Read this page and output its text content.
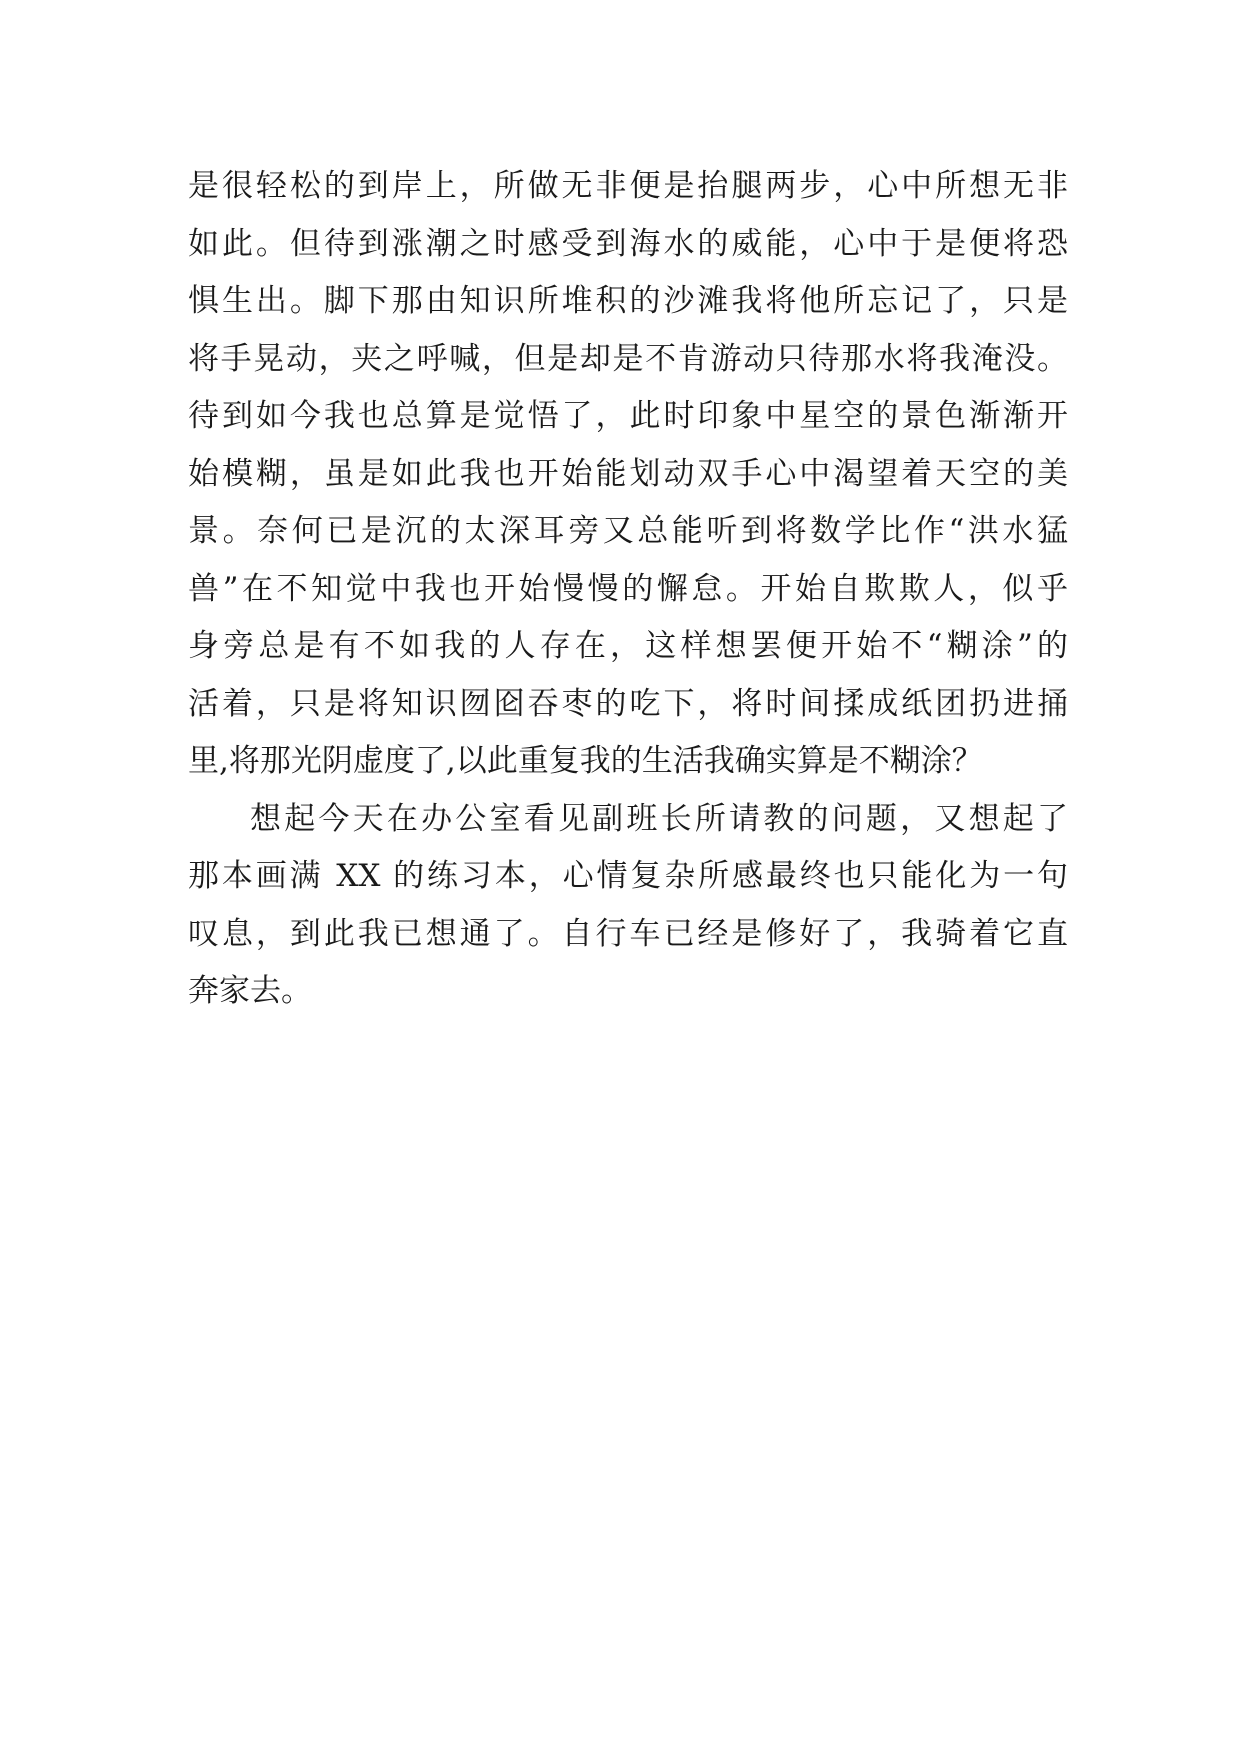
是很轻松的到岸上，所做无非便是抬腿两步，心中所想无非
如此。但待到涨潮之时感受到海水的威能，心中于是便将恐
惧生出。脚下那由知识所堆积的沙滩我将他所忘记了，只是
将手晃动，夹之呼喊，但是却是不肯游动只待那水将我淹没。
待到如今我也总算是觉悟了，此时印象中星空的景色渐渐开
始模糊，虽是如此我也开始能划动双手心中渴望着天空的美
景。奈何已是沉的太深耳旁又总能听到将数学比作“洪水猛
兽”在不知觉中我也开始慢慢的懈怠。开始自欺欺人，似乎
身旁总是有不如我的人存在，这样想罢便开始不“糊涂”的
活着，只是将知识囫囵吞枣的吃下，将时间揉成纸团扔进捅
里,将那光阴虚度了,以此重复我的生活我确实算是不糊涂？
想起今天在办公室看见副班长所请教的问题，又想起了
那本画满 XX 的练习本，心情复杂所感最终也只能化为一句
叹息，到此我已想通了。自行车已经是修好了，我骑着它直
奔家去。
